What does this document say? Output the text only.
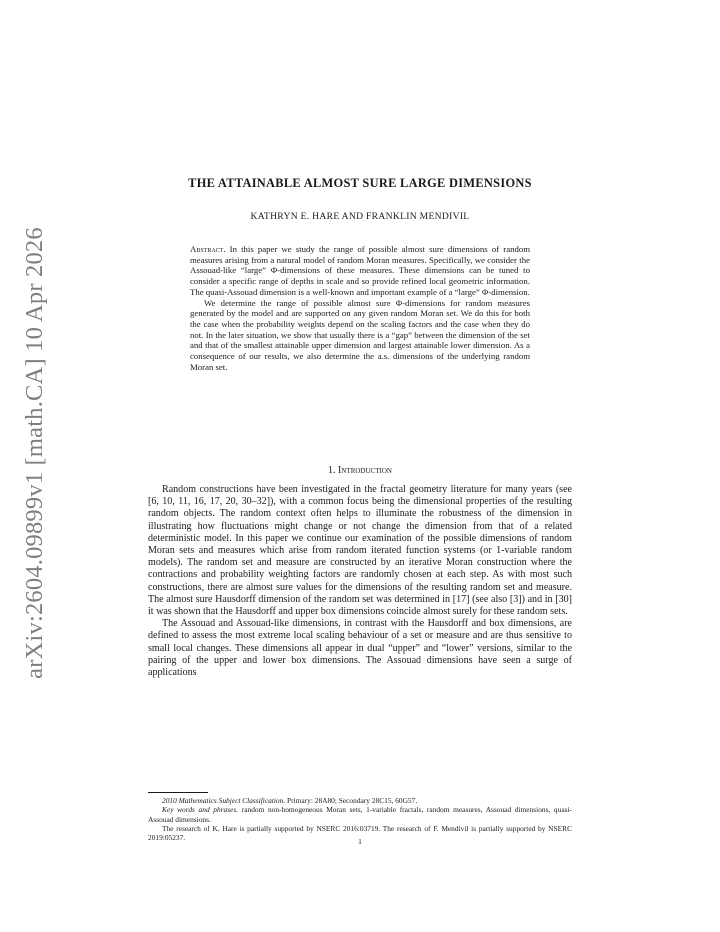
arXiv:2604.09899v1 [math.CA] 10 Apr 2026
THE ATTAINABLE ALMOST SURE LARGE DIMENSIONS
KATHRYN E. HARE AND FRANKLIN MENDIVIL

Abstract. In this paper we study the range of possible almost sure dimensions of random measures arising from a natural model of random Moran measures. Specifically, we consider the Assouad-like “large” Φ-dimensions of these measures. These dimensions can be tuned to consider a specific range of depths in scale and so provide refined local geometric information. The quasi-Assouad dimension is a well-known and important example of a “large” Φ-dimension.

We determine the range of possible almost sure Φ-dimensions for random measures generated by the model and are supported on any given random Moran set. We do this for both the case when the probability weights depend on the scaling factors and the case when they do not. In the later situation, we show that usually there is a “gap” between the dimension of the set and that of the smallest attainable upper dimension and largest attainable lower dimension. As a consequence of our results, we also determine the a.s. dimensions of the underlying random Moran set.

1. Introduction

Random constructions have been investigated in the fractal geometry literature for many years (see [6, 10, 11, 16, 17, 20, 30–32]), with a common focus being the dimensional properties of the resulting random objects. The random context often helps to illuminate the robustness of the dimension in illustrating how fluctuations might change or not change the dimension from that of a related deterministic model. In this paper we continue our examination of the possible dimensions of random Moran sets and measures which arise from random iterated function systems (or 1-variable random models). The random set and measure are constructed by an iterative Moran construction where the contractions and probability weighting factors are randomly chosen at each step. As with most such constructions, there are almost sure values for the dimensions of the resulting random set and measure. The almost sure Hausdorff dimension of the random set was determined in [17] (see also [3]) and in [30] it was shown that the Hausdorff and upper box dimensions coincide almost surely for these random sets.

The Assouad and Assouad-like dimensions, in contrast with the Hausdorff and box dimensions, are defined to assess the most extreme local scaling behaviour of a set or measure and are thus sensitive to small local changes. These dimensions all appear in dual “upper” and “lower” versions, similar to the pairing of the upper and lower box dimensions. The Assouad dimensions have seen a surge of applications

2010 Mathematics Subject Classification. Primary: 28A80; Secondary 28C15, 60G57.

Key words and phrases. random non-homogeneous Moran sets, 1-variable fractals, random measures, Assouad dimensions, quasi-Assouad dimensions.

The research of K. Hare is partially supported by NSERC 2016:03719. The research of F. Mendivil is partially supported by NSERC 2019:05237.	1
